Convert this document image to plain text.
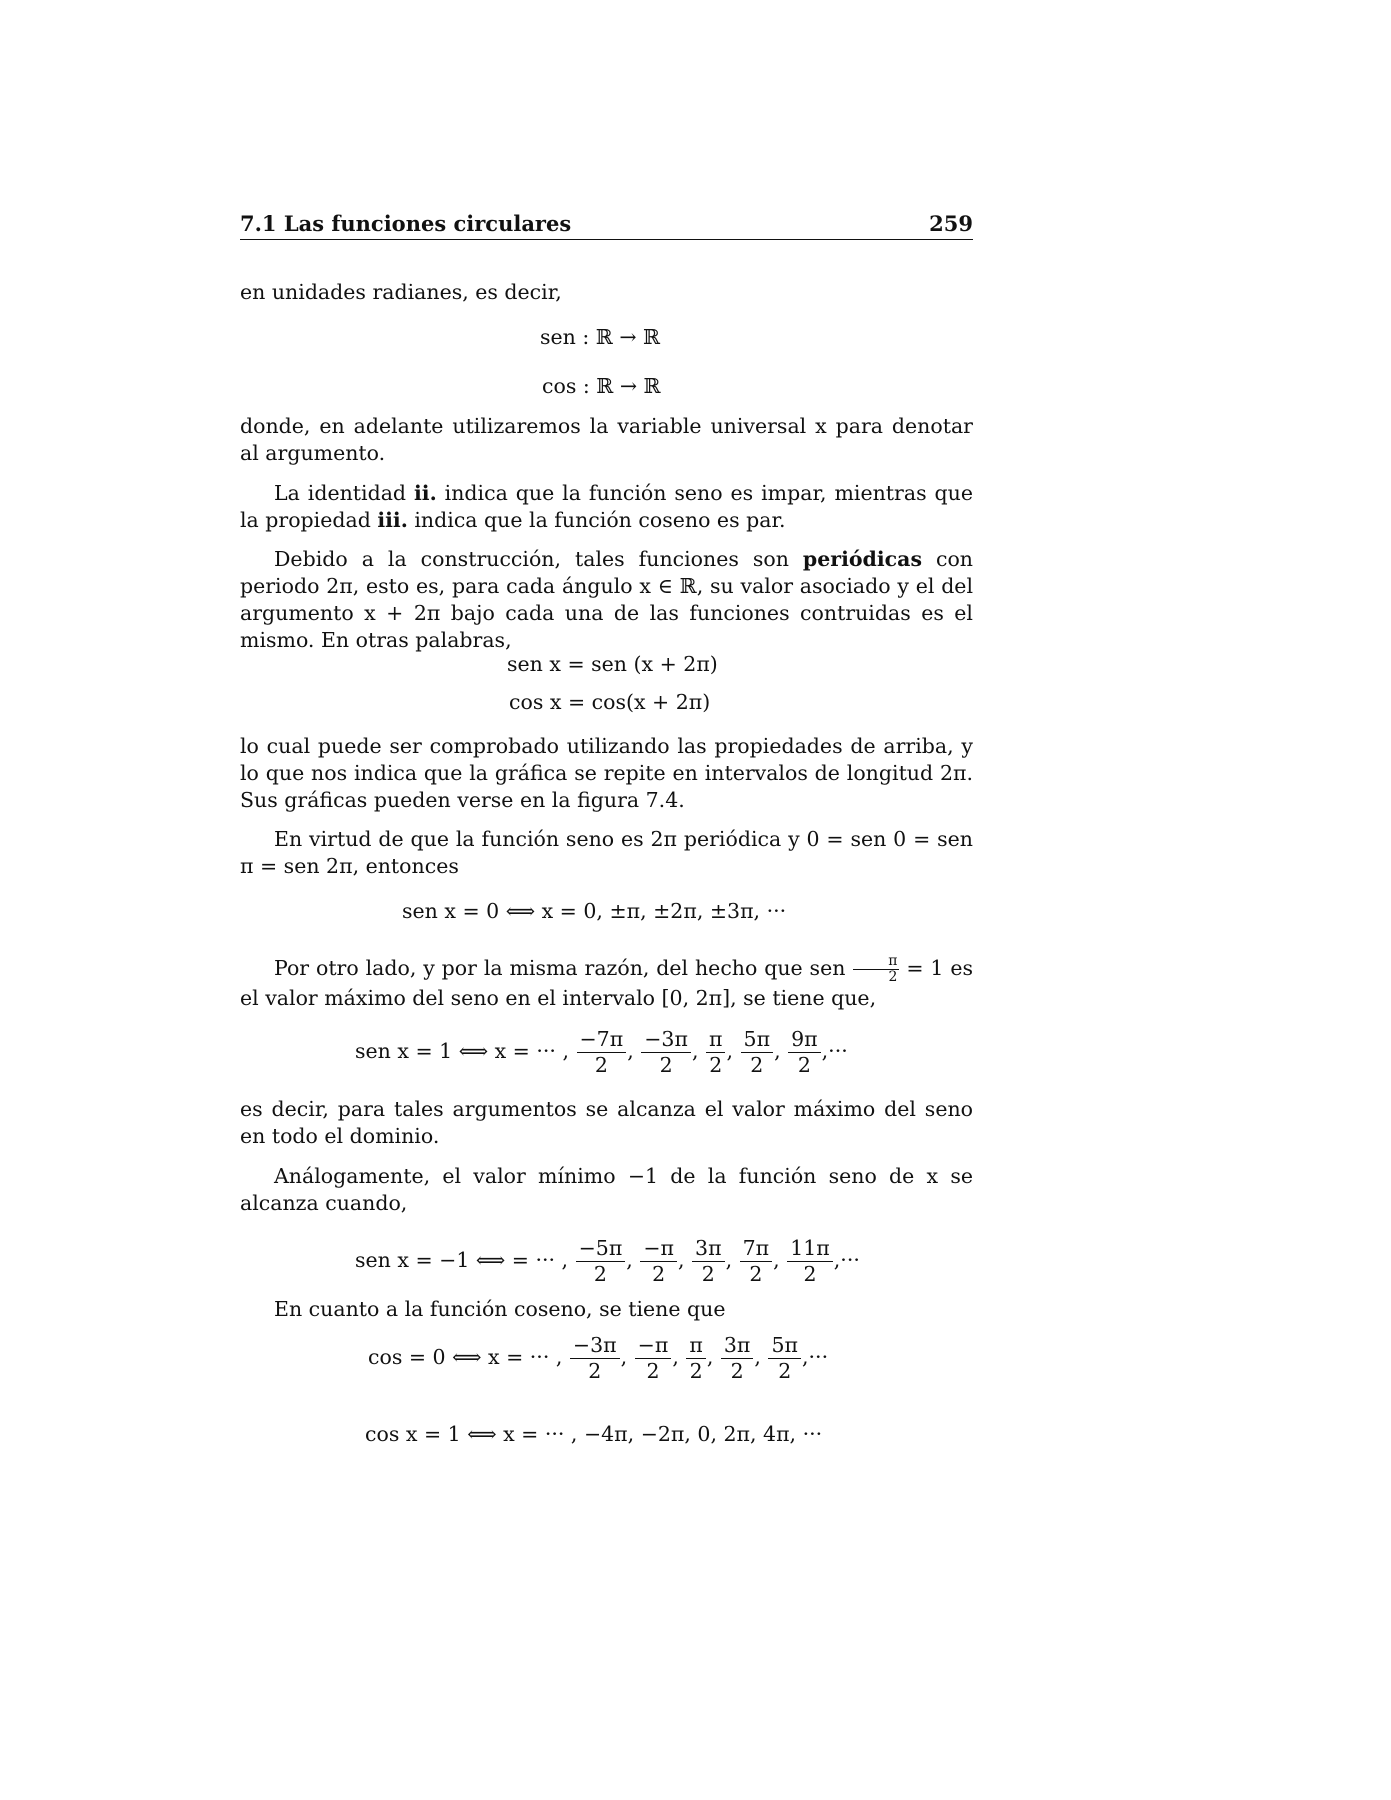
7.1 Las funciones circulares	259
en unidades radianes, es decir,
sen : ℝ → ℝ
cos : ℝ → ℝ
donde, en adelante utilizaremos la variable universal x para denotar al argumento.
La identidad ii. indica que la función seno es impar, mientras que la propiedad iii. indica que la función coseno es par.
Debido a la construcción, tales funciones son periódicas con periodo 2π, esto es, para cada ángulo x ∈ ℝ, su valor asociado y el del argumento x + 2π bajo cada una de las funciones contruidas es el mismo. En otras palabras,
sen x = sen (x + 2π)
cos x = cos(x + 2π)
lo cual puede ser comprobado utilizando las propiedades de arriba, y lo que nos indica que la gráfica se repite en intervalos de longitud 2π. Sus gráficas pueden verse en la figura 7.4.
En virtud de que la función seno es 2π periódica y 0 = sen 0 = sen π = sen 2π, entonces
sen x = 0 ⟺ x = 0, ±π, ±2π, ±3π, ···
Por otro lado, y por la misma razón, del hecho que sen $\frac{\pi}{2} = 1$ es el valor máximo del seno en el intervalo [0, 2π], se tiene que,
sen x = 1 ⟺ x = ··· , $\frac{-7\pi}{2}$ , $\frac{-3\pi}{2}$ , $\frac{\pi}{2}$ , $\frac{5\pi}{2}$ , $\frac{9\pi}{2}$ ,···
es decir, para tales argumentos se alcanza el valor máximo del seno en todo el dominio.
Análogamente, el valor mínimo −1 de la función seno de x se alcanza cuando,
sen x = −1 ⟺ = ··· , $\frac{-5\pi}{2}$ , $\frac{-\pi}{2}$ , $\frac{3\pi}{2}$ , $\frac{7\pi}{2}$ , $\frac{11\pi}{2}$ ,···
En cuanto a la función coseno, se tiene que
cos = 0 ⟺ x = ··· , $\frac{-3\pi}{2}$ , $\frac{-\pi}{2}$ , $\frac{\pi}{2}$ , $\frac{3\pi}{2}$ , $\frac{5\pi}{2}$ ,···
cos x = 1 ⟺ x = ··· , −4π, −2π, 0, 2π, 4π, ···
